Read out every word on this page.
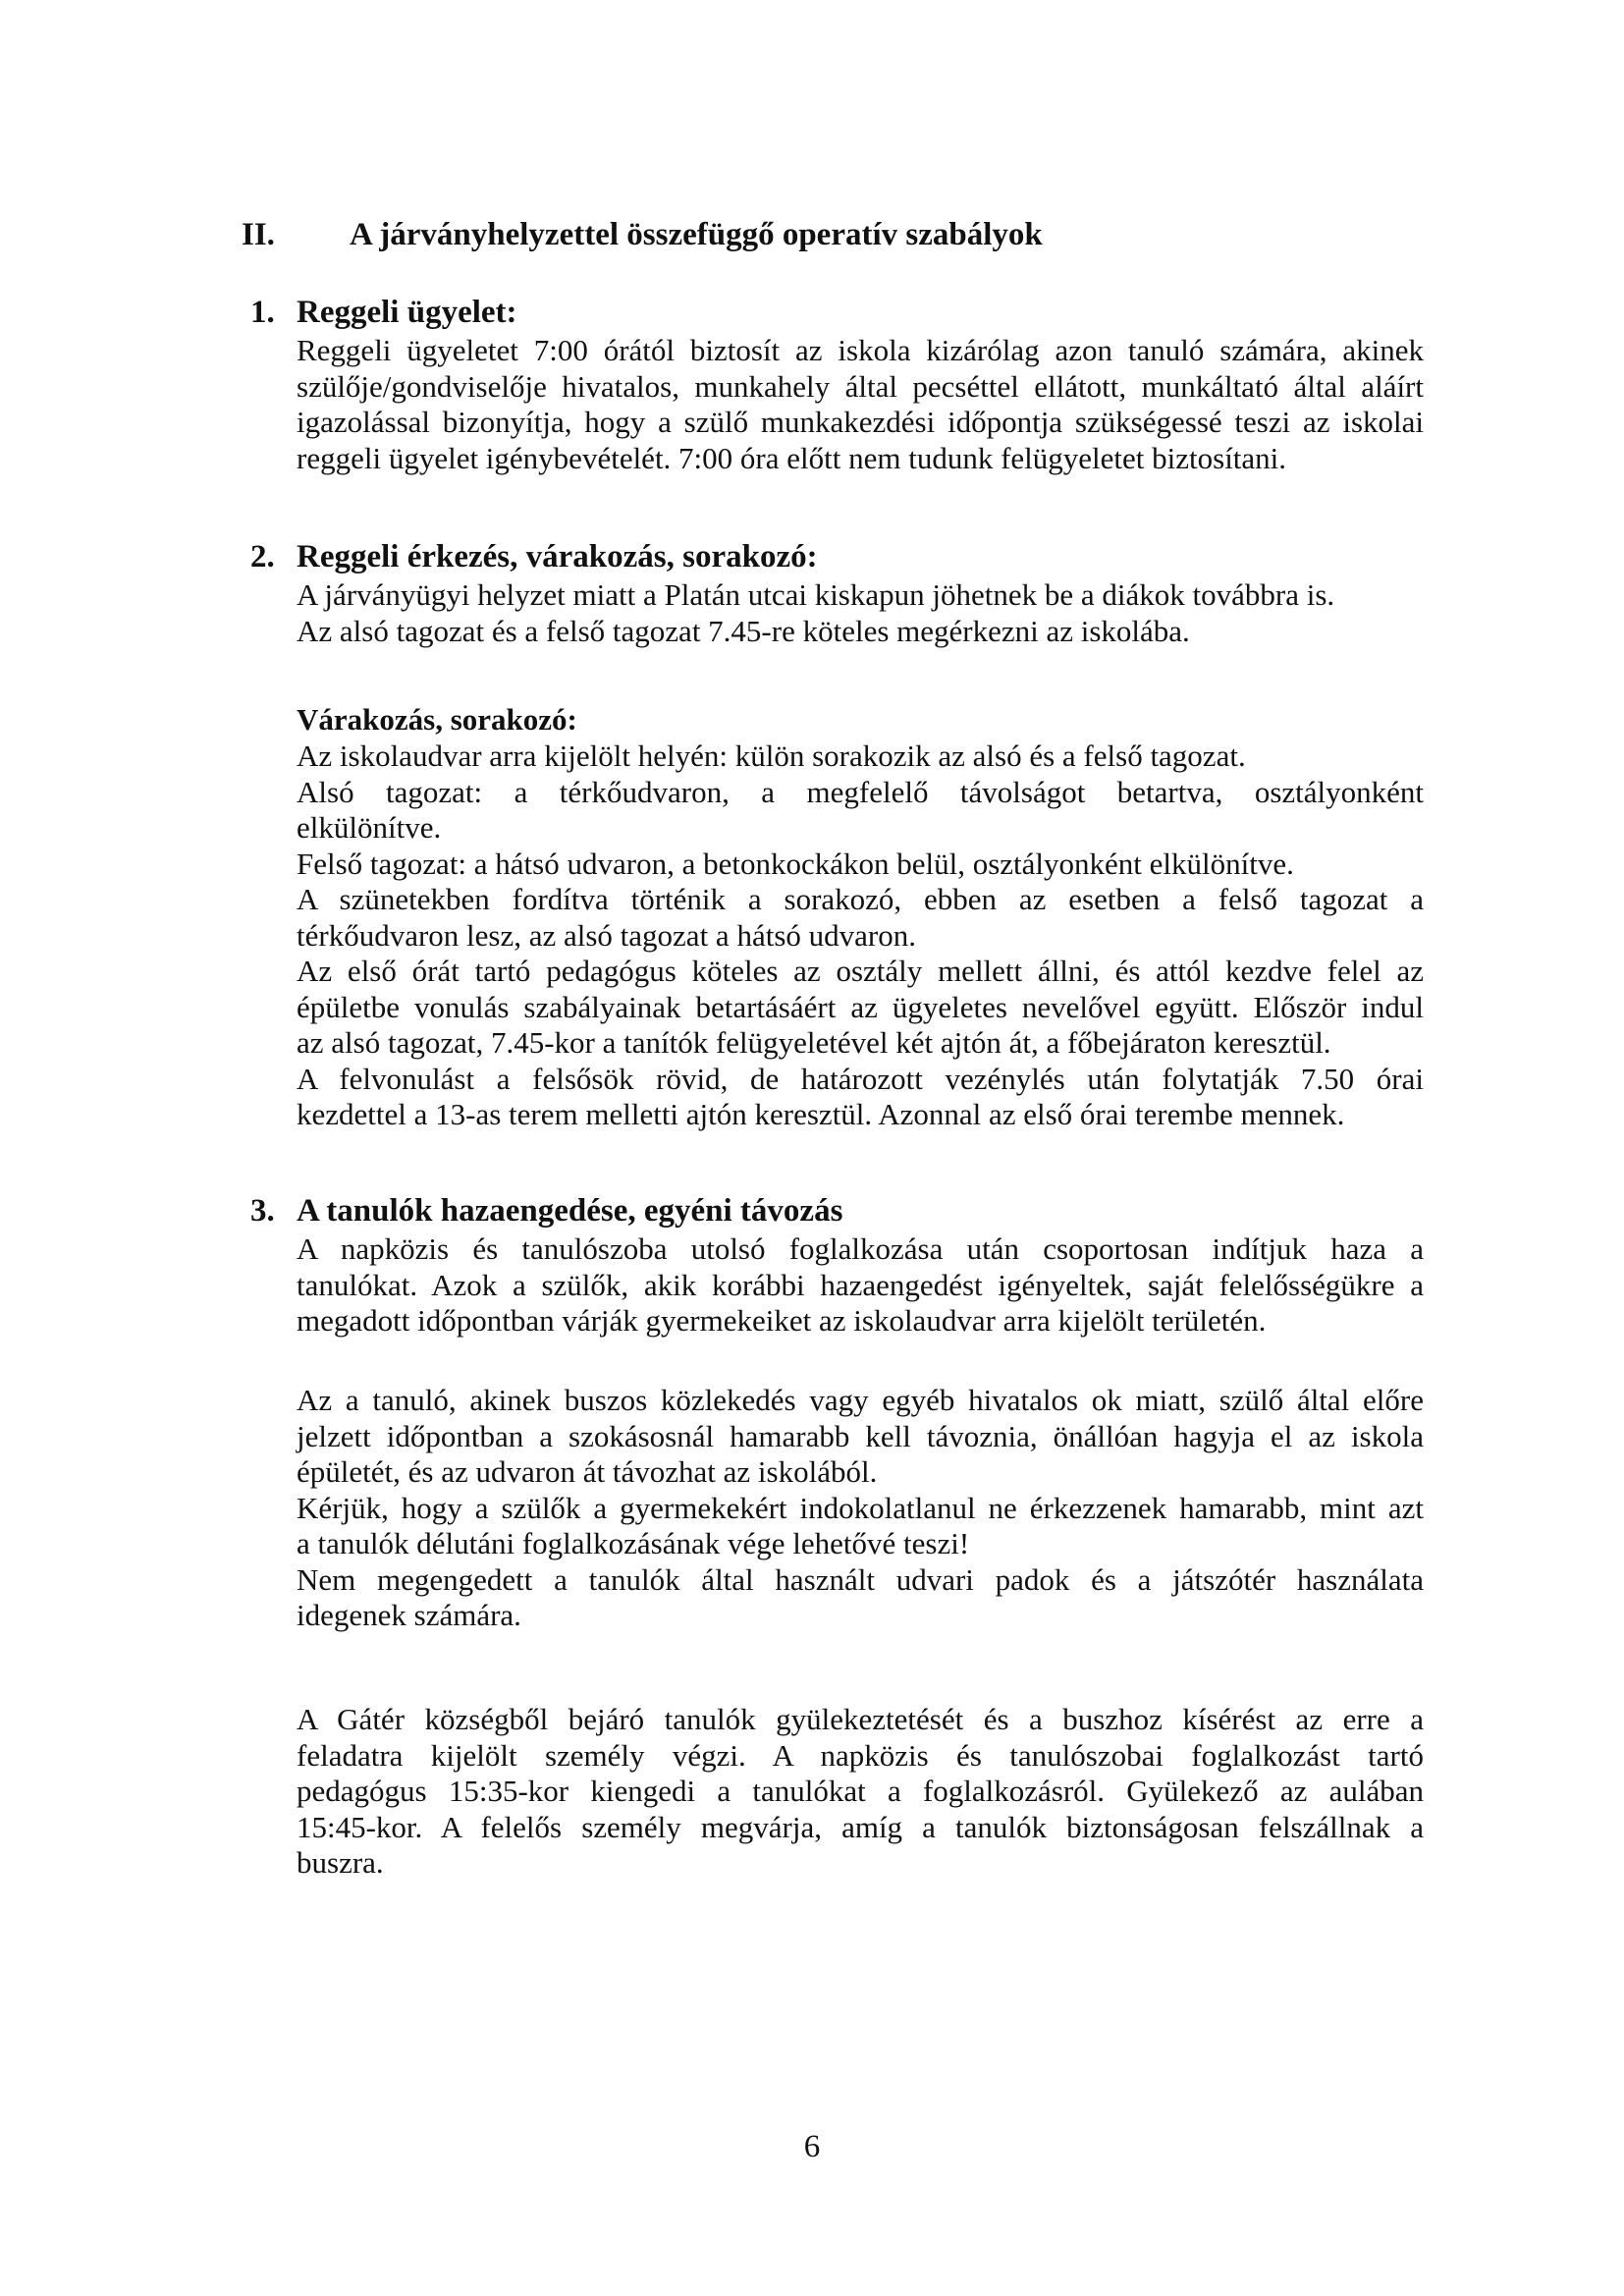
II. A járványhelyzettel összefüggő operatív szabályok
1. Reggeli ügyelet:
Reggeli ügyeletet 7:00 órától biztosít az iskola kizárólag azon tanuló számára, akinek
szülője/gondviselője hivatalos, munkahely által pecséttel ellátott, munkáltató által aláírt
igazolással bizonyítja, hogy a szülő munkakezdési időpontja szükségessé teszi az iskolai
reggeli ügyelet igénybevételét. 7:00 óra előtt nem tudunk felügyeletet biztosítani.
2. Reggeli érkezés, várakozás, sorakozó:
A járványügyi helyzet miatt a Platán utcai kiskapun jöhetnek be a diákok továbbra is.
Az alsó tagozat és a felső tagozat 7.45-re köteles megérkezni az iskolába.
Várakozás, sorakozó:
Az iskolaudvar arra kijelölt helyén: külön sorakozik az alsó és a felső tagozat.
Alsó tagozat: a térkőudvaron, a megfelelő távolságot betartva, osztályonként
elkülönítve.
Felső tagozat: a hátsó udvaron, a betonkockákon belül, osztályonként elkülönítve.
A szünetekben fordítva történik a sorakozó, ebben az esetben a felső tagozat a
térkőudvaron lesz, az alsó tagozat a hátsó udvaron.
Az első órát tartó pedagógus köteles az osztály mellett állni, és attól kezdve felel az
épületbe vonulás szabályainak betartásáért az ügyeletes nevelővel együtt. Először indul
az alsó tagozat, 7.45-kor a tanítók felügyeletével két ajtón át, a főbejáraton keresztül.
A felvonulást a felsősök rövid, de határozott vezénylés után folytatják 7.50 órai
kezdettel a 13-as terem melletti ajtón keresztül. Azonnal az első órai terembe mennek.
3. A tanulók hazaengedése, egyéni távozás
A napközis és tanulószoba utolsó foglalkozása után csoportosan indítjuk haza a
tanulókat. Azok a szülők, akik korábbi hazaengedést igényeltek, saját felelősségükre a
megadott időpontban várják gyermekeiket az iskolaudvar arra kijelölt területén.
Az a tanuló, akinek buszos közlekedés vagy egyéb hivatalos ok miatt, szülő által előre
jelzett időpontban a szokásosnál hamarabb kell távoznia, önállóan hagyja el az iskola
épületét, és az udvaron át távozhat az iskolából.
Kérjük, hogy a szülők a gyermekekért indokolatlanul ne érkezzenek hamarabb, mint azt
a tanulók délutáni foglalkozásának vége lehetővé teszi!
Nem megengedett a tanulók által használt udvari padok és a játszótér használata
idegenek számára.
A Gátér községből bejáró tanulók gyülekeztetését és a buszhoz kísérést az erre a
feladatra kijelölt személy végzi. A napközis és tanulószobai foglalkozást tartó
pedagógus 15:35-kor kiengedi a tanulókat a foglalkozásról. Gyülekező az aulában
15:45-kor. A felelős személy megvárja, amíg a tanulók biztonságosan felszállnak a
buszra.
6
